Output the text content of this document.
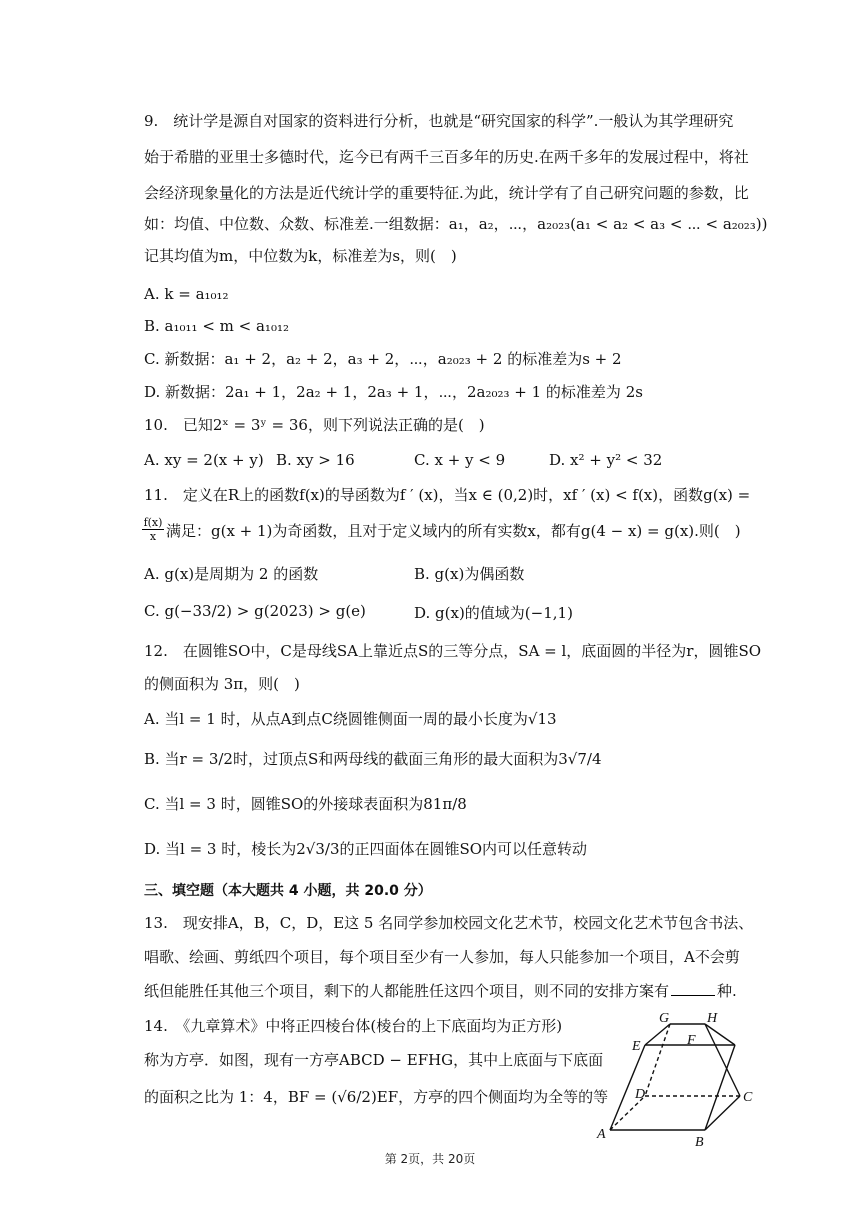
9.　统计学是源自对国家的资料进行分析，也就是“研究国家的科学”.一般认为其学理研究
始于希腊的亚里士多德时代，迄今已有两千三百多年的历史.在两千多年的发展过程中，将社
会经济现象量化的方法是近代统计学的重要特征.为此，统计学有了自己研究问题的参数，比
如：均值、中位数、众数、标准差.一组数据：a₁，a₂，⋯，a₂₀₂₃(a₁ < a₂ < a₃ < ⋯ < a₂₀₂₃))
记其均值为m，中位数为k，标准差为s，则(　)
A. k = a₁₀₁₂
B. a₁₀₁₁ < m < a₁₀₁₂
C. 新数据：a₁ + 2，a₂ + 2，a₃ + 2，⋯，a₂₀₂₃ + 2 的标准差为s + 2
D. 新数据：2a₁ + 1，2a₂ + 1，2a₃ + 1，⋯，2a₂₀₂₃ + 1 的标准差为 2s
10.　已知2ˣ = 3ʸ = 36，则下列说法正确的是(　)
A. xy = 2(x + y) B. xy > 16	C. x + y < 9	D. x² + y² < 32
11.　定义在R上的函数f(x)的导函数为f ′ (x)，当x ∈ (0,2)时，xf ′ (x) < f(x)，函数g(x) =
$\frac{f(x)}{x}$ 满足：g(x + 1)为奇函数，且对于定义域内的所有实数x，都有g(4 − x) = g(x).则(　)
A. g(x)是周期为 2 的函数	B. g(x)为偶函数
C. g(−33/2) > g(2023) > g(e)	D. g(x)的值域为(−1,1)
12.　在圆锥SO中，C是母线SA上靠近点S的三等分点，SA = l，底面圆的半径为r，圆锥SO
的侧面积为 3π，则(　)
A. 当l = 1 时，从点A到点C绕圆锥侧面一周的最小长度为√13
B. 当r = 3/2时，过顶点S和两母线的截面三角形的最大面积为3√7/4
C. 当l = 3 时，圆锥SO的外接球表面积为81π/8
D. 当l = 3 时，棱长为2√3/3的正四面体在圆锥SO内可以任意转动
三、填空题（本大题共 4 小题，共 20.0 分）
13.　现安排A，B，C，D，E这 5 名同学参加校园文化艺术节，校园文化艺术节包含书法、
唱歌、绘画、剪纸四个项目，每个项目至少有一人参加，每人只能参加一个项目，A不会剪
纸但能胜任其他三个项目，剩下的人都能胜任这四个项目，则不同的安排方案有	种.
14.　《九章算术》中将正四棱台体(棱台的上下底面均为正方形)
称为方亭．如图，现有一方亭ABCD − EFHG，其中上底面与下底面
的面积之比为 1：4，BF = (√6/2)EF，方亭的四个侧面均为全等的等
G	H
E	F
D	C
A
B
第 2页，共 20页
